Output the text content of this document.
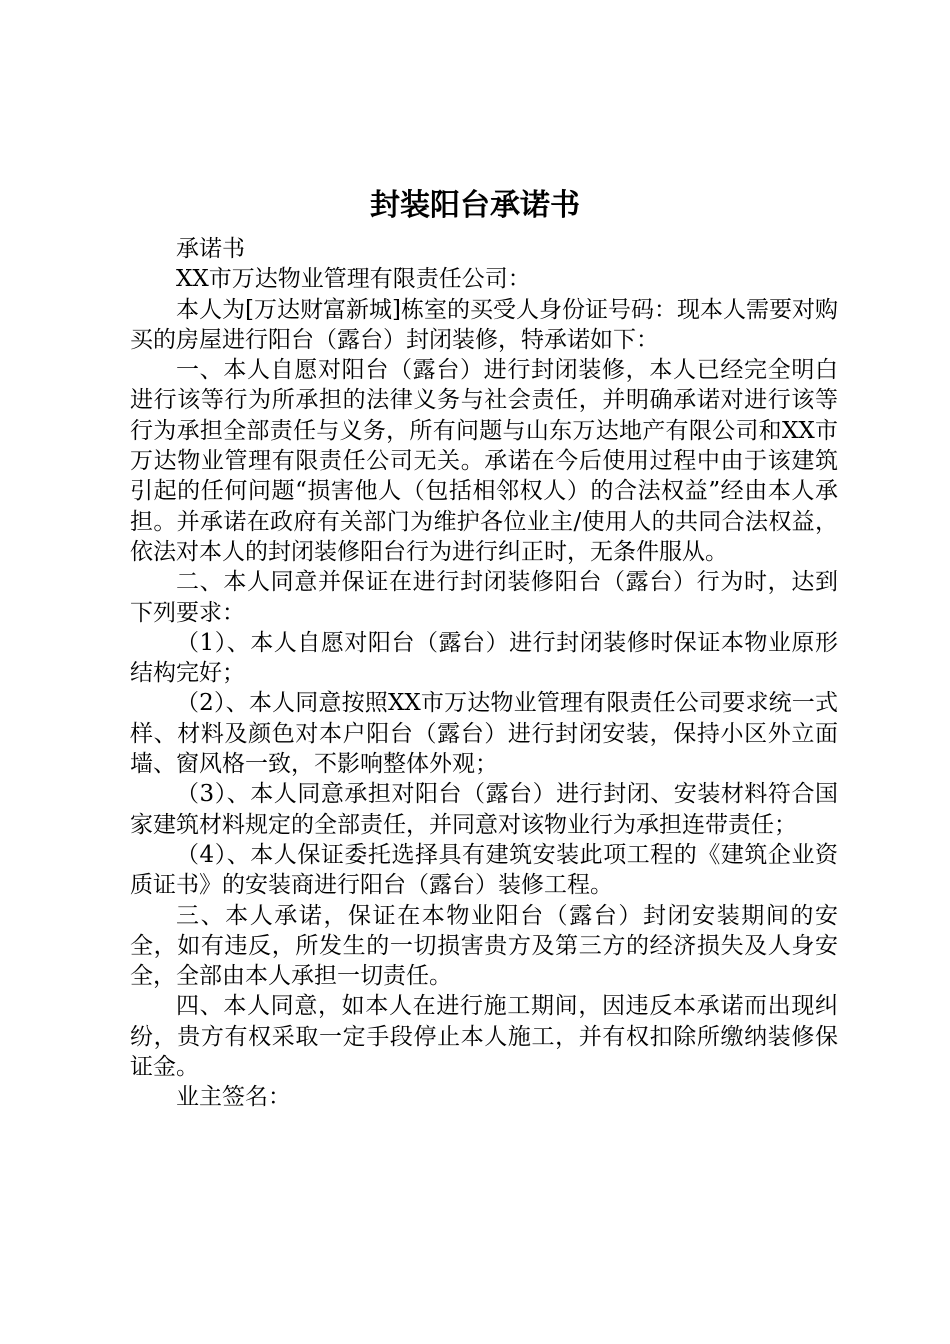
封装阳台承诺书

承诺书

XX市万达物业管理有限责任公司：

本人为[万达财富新城]栋室的买受人身份证号码：现本人需要对购买的房屋进行阳台（露台）封闭装修，特承诺如下：

一、本人自愿对阳台（露台）进行封闭装修，本人已经完全明白进行该等行为所承担的法律义务与社会责任，并明确承诺对进行该等行为承担全部责任与义务，所有问题与山东万达地产有限公司和XX市万达物业管理有限责任公司无关。承诺在今后使用过程中由于该建筑引起的任何问题“损害他人（包括相邻权人）的合法权益”经由本人承担。并承诺在政府有关部门为维护各位业主/使用人的共同合法权益，依法对本人的封闭装修阳台行为进行纠正时，无条件服从。

二、本人同意并保证在进行封闭装修阳台（露台）行为时，达到下列要求：

（1）、本人自愿对阳台（露台）进行封闭装修时保证本物业原形结构完好；

（2）、本人同意按照XX市万达物业管理有限责任公司要求统一式样、材料及颜色对本户阳台（露台）进行封闭安装，保持小区外立面墙、窗风格一致，不影响整体外观；

（3）、本人同意承担对阳台（露台）进行封闭、安装材料符合国家建筑材料规定的全部责任，并同意对该物业行为承担连带责任；

（4）、本人保证委托选择具有建筑安装此项工程的《建筑企业资质证书》的安装商进行阳台（露台）装修工程。

三、本人承诺，保证在本物业阳台（露台）封闭安装期间的安全，如有违反，所发生的一切损害贵方及第三方的经济损失及人身安全，全部由本人承担一切责任。

四、本人同意，如本人在进行施工期间，因违反本承诺而出现纠纷，贵方有权采取一定手段停止本人施工，并有权扣除所缴纳装修保证金。

业主签名：
